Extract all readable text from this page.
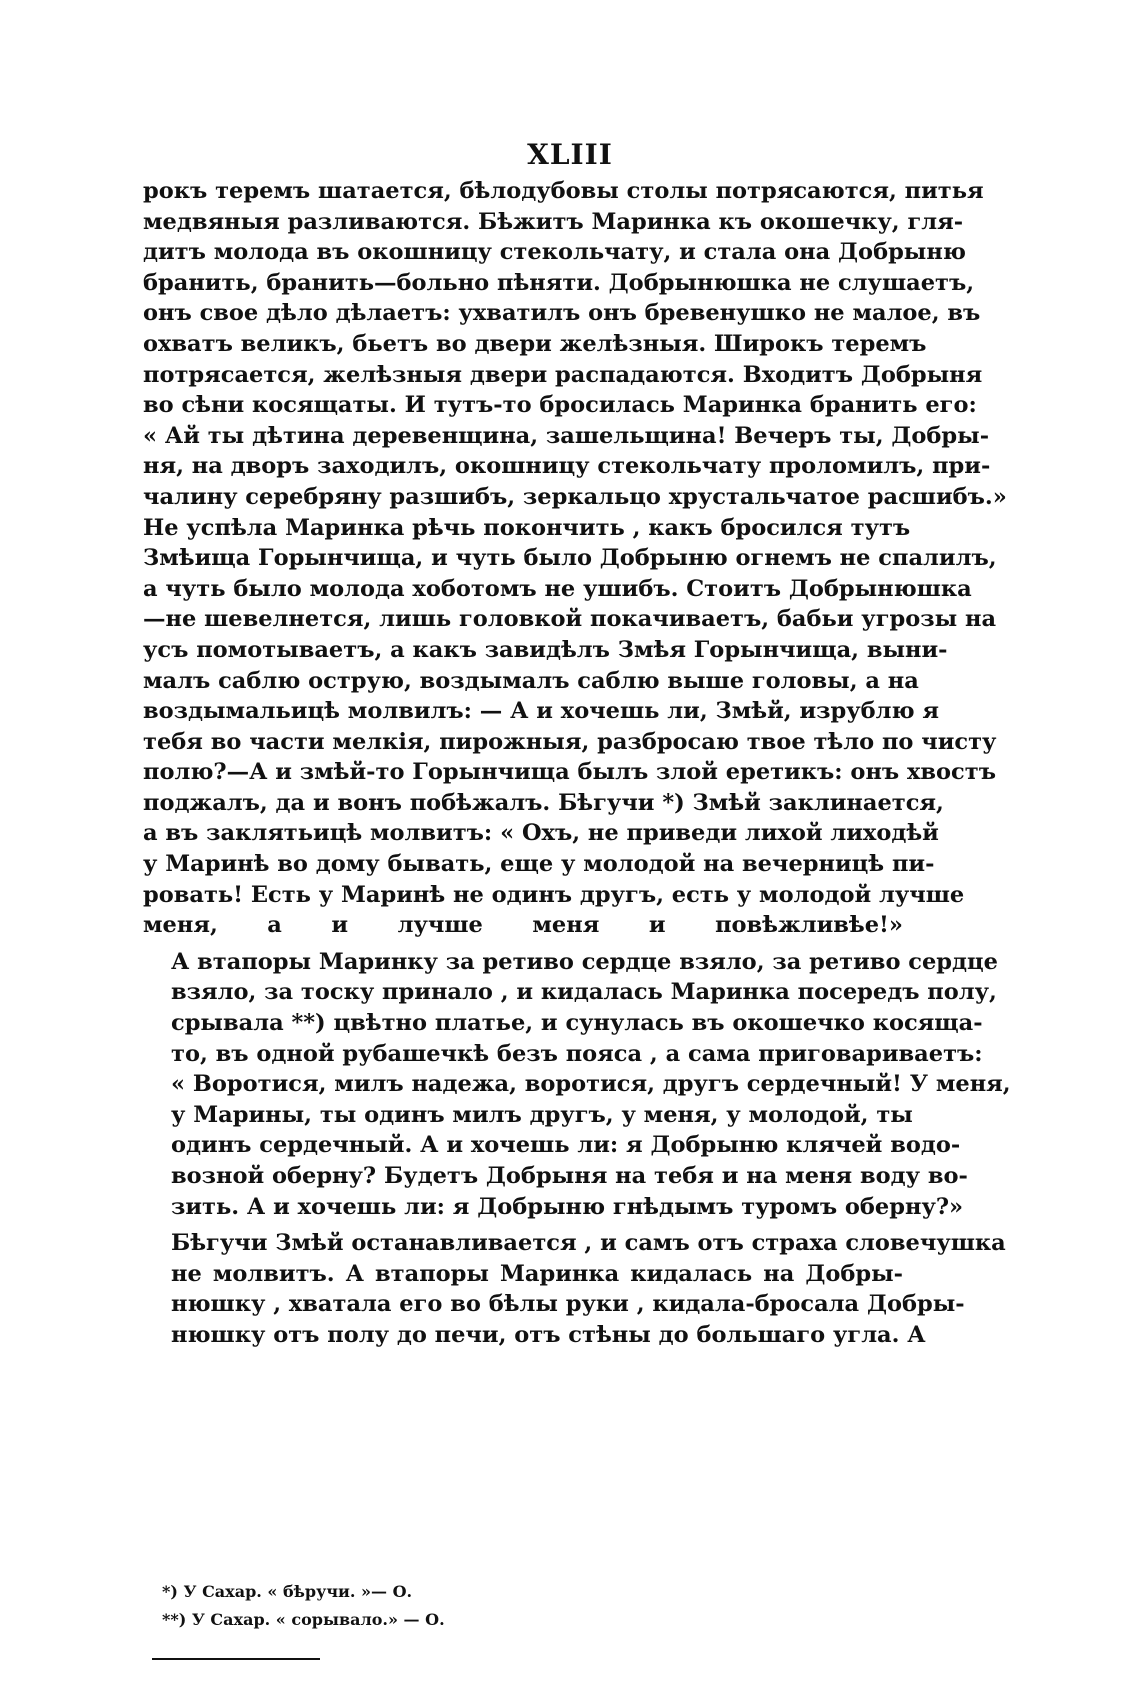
XLIII
рокъ теремъ шатается, бѣлодубовы столы потрясаются, питья
медвяныя разливаются. Бѣжитъ Маринка къ окошечку, гля-
дитъ молода въ окошницу стекольчату, и стала она Добрыню
бранить, бранить—больно пѣняти. Добрынюшка не слушаетъ,
онъ свое дѣло дѣлаетъ: ухватилъ онъ бревенушко не малое, въ
охватъ великъ, бьетъ во двери желѣзныя. Широкъ теремъ
потрясается, желѣзныя двери распадаются. Входитъ Добрыня
во сѣни косящаты. И тутъ-то бросилась Маринка бранить его:
« Ай ты дѣтина деревенщина, зашельщина! Вечеръ ты, Добры-
ня, на дворъ заходилъ, окошницу стекольчату проломилъ, при-
чалину серебряну разшибъ, зеркальцо хрустальчатое расшибъ.»
Не успѣла Маринка рѣчь покончить , какъ бросился тутъ
Змѣища Горынчища, и чуть было Добрыню огнемъ не спалилъ,
а чуть было молода хоботомъ не ушибъ. Стоитъ Добрынюшка
—не шевелнется, лишь головкой покачиваетъ, бабьи угрозы на
усъ помотываетъ, а какъ завидѣлъ Змѣя Горынчища, выни-
малъ саблю острую, воздымалъ саблю выше головы, а на
воздымальицѣ молвилъ: — А и хочешь ли, Змѣй, изрублю я
тебя во части мелкія, пирожныя, разбросаю твое тѣло по чисту
полю?—А и змѣй-то Горынчища былъ злой еретикъ: онъ хвостъ
поджалъ, да и вонъ побѣжалъ. Бѣгучи *) Змѣй заклинается,
а въ заклятьицѣ молвитъ: « Охъ, не приведи лихой лиходѣй
у Маринѣ во дому бывать, еще у молодой на вечерницѣ пи-
ровать! Есть у Маринѣ не одинъ другъ, есть у молодой лучше
меня, а и лучше меня и повѣжливѣе!»
А втапоры Маринку за ретиво сердце взяло, за ретиво сердце
взяло, за тоску принало , и кидалась Маринка посередъ полу,
срывала **) цвѣтно платье, и сунулась въ окошечко косяща-
то, въ одной рубашечкѣ безъ пояса , а сама приговариваетъ:
« Воротися, милъ надежа, воротися, другъ сердечный! У меня,
у Марины, ты одинъ милъ другъ, у меня, у молодой, ты
одинъ сердечный. А и хочешь ли: я Добрыню клячей водо-
возной оберну? Будетъ Добрыня на тебя и на меня воду во-
зить. А и хочешь ли: я Добрыню гнѣдымъ туромъ оберну?»
Бѣгучи Змѣй останавливается , и самъ отъ страха словечушка
не молвитъ. А втапоры Маринка кидалась на Добры-
нюшку , хватала его во бѣлы руки , кидала-бросала Добры-
нюшку отъ полу до печи, отъ стѣны до большаго угла. А
*) У Сахар. « бѣручи. »— О.
**) У Сахар. « сорывало.» — О.
